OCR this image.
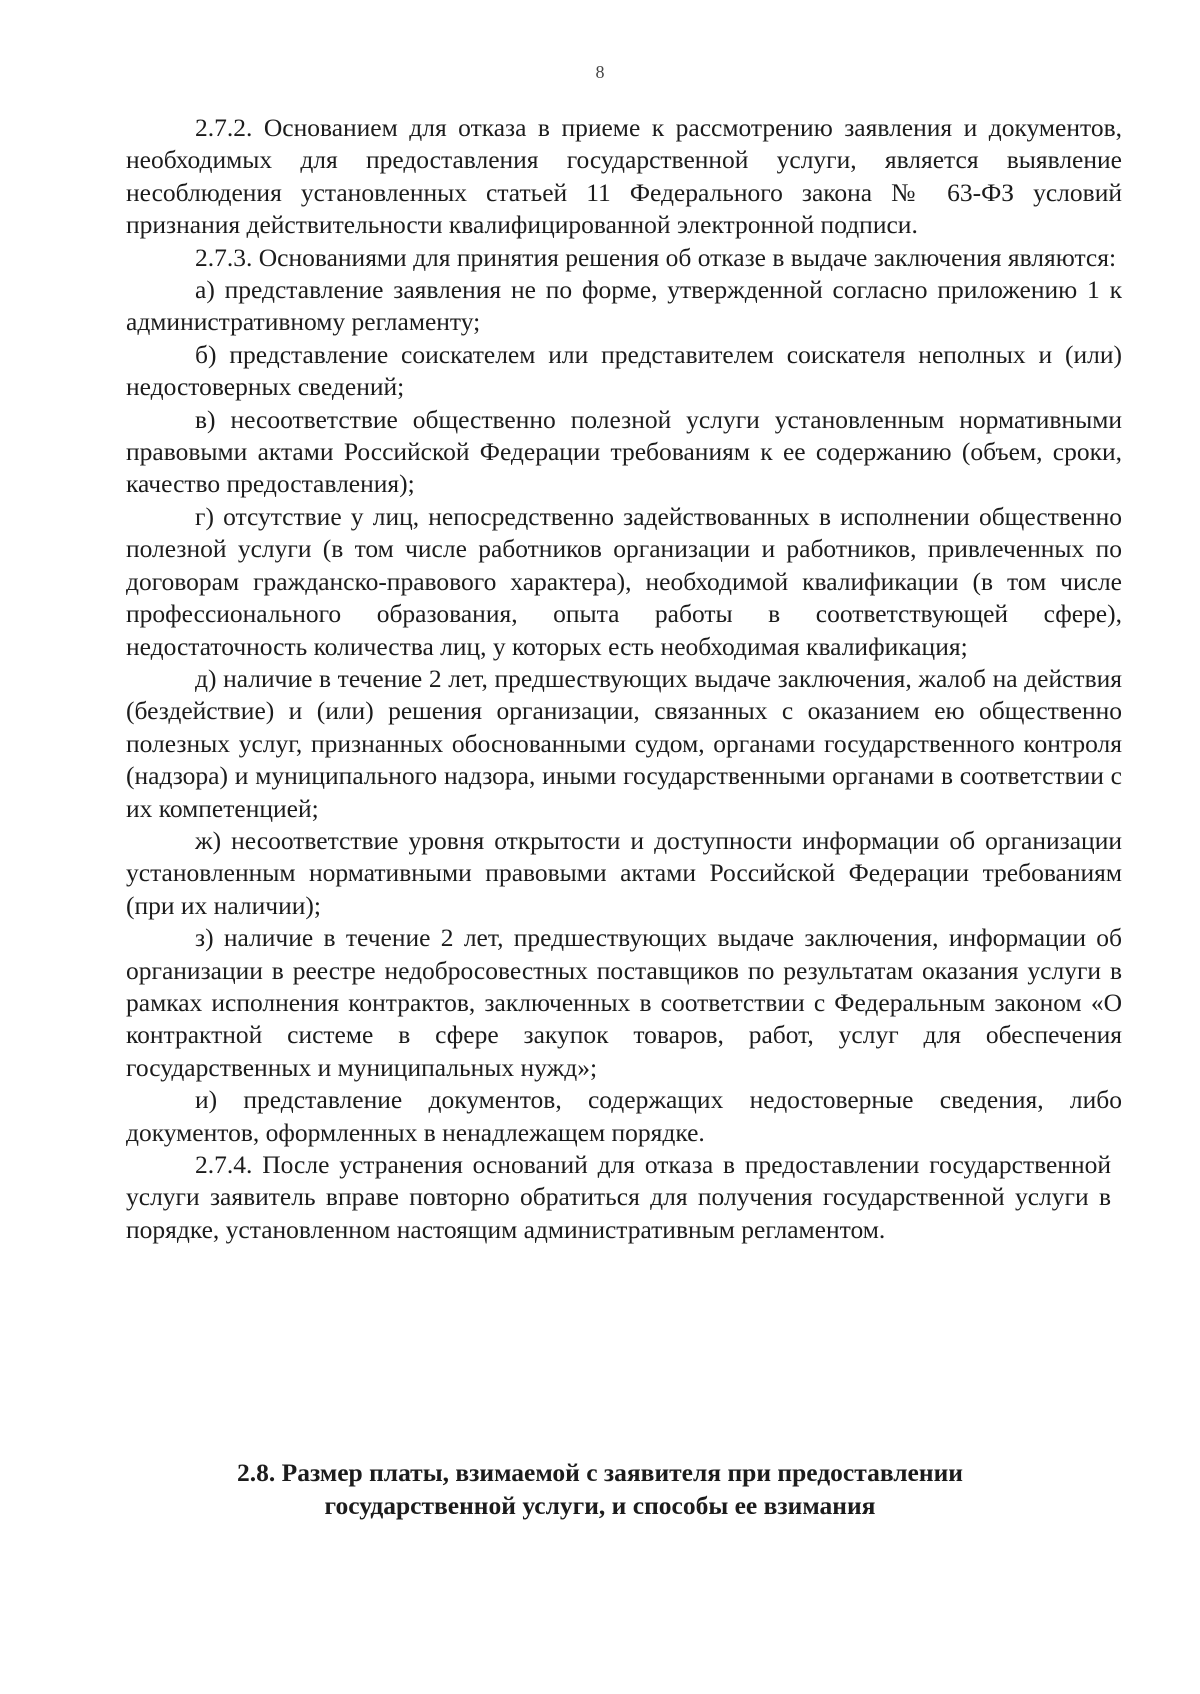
8

2.7.2. Основанием для отказа в приеме к рассмотрению заявления и документов, необходимых для предоставления государственной услуги, является выявление несоблюдения установленных статьей 11 Федерального закона № 63-ФЗ условий признания действительности квалифицированной электронной подписи.

2.7.3. Основаниями для принятия решения об отказе в выдаче заключения являются:

а) представление заявления не по форме, утвержденной согласно приложению 1 к административному регламенту;

б) представление соискателем или представителем соискателя неполных и (или) недостоверных сведений;

в) несоответствие общественно полезной услуги установленным нормативными правовыми актами Российской Федерации требованиям к ее содержанию (объем, сроки, качество предоставления);

г) отсутствие у лиц, непосредственно задействованных в исполнении общественно полезной услуги (в том числе работников организации и работников, привлеченных по договорам гражданско-правового характера), необходимой квалификации (в том числе профессионального образования, опыта работы в соответствующей сфере), недостаточность количества лиц, у которых есть необходимая квалификация;

д) наличие в течение 2 лет, предшествующих выдаче заключения, жалоб на действия (бездействие) и (или) решения организации, связанных с оказанием ею общественно полезных услуг, признанных обоснованными судом, органами государственного контроля (надзора) и муниципального надзора, иными государственными органами в соответствии с их компетенцией;

ж) несоответствие уровня открытости и доступности информации об организации установленным нормативными правовыми актами Российской Федерации требованиям (при их наличии);

з) наличие в течение 2 лет, предшествующих выдаче заключения, информации об организации в реестре недобросовестных поставщиков по результатам оказания услуги в рамках исполнения контрактов, заключенных в соответствии с Федеральным законом «О контрактной системе в сфере закупок товаров, работ, услуг для обеспечения государственных и муниципальных нужд»;

и) представление документов, содержащих недостоверные сведения, либо документов, оформленных в ненадлежащем порядке.

2.7.4. После устранения оснований для отказа в предоставлении государственной услуги заявитель вправе повторно обратиться для получения государственной услуги в порядке, установленном настоящим административным регламентом.

2.8. Размер платы, взимаемой с заявителя при предоставлении
государственной услуги, и способы ее взимания
